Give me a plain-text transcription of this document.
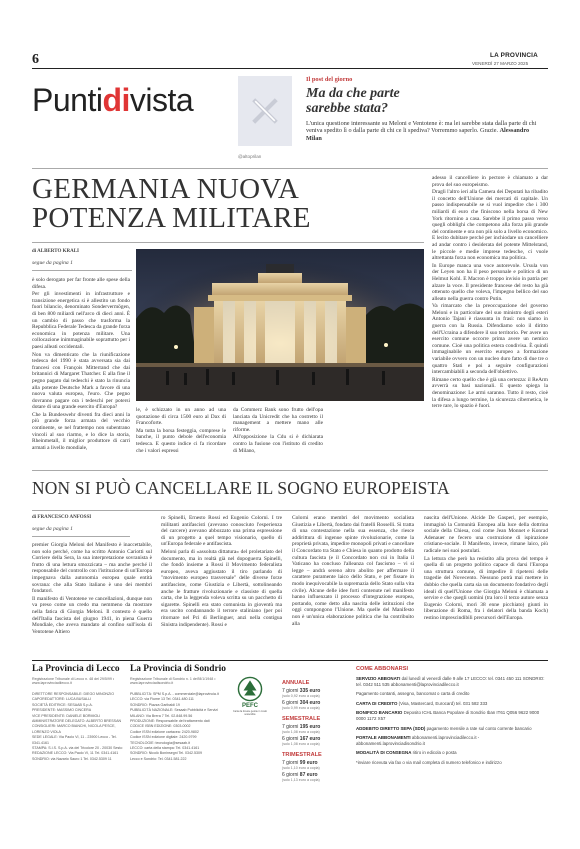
6	LA PROVINCIA
VENERDÌ 27 MARZO 2025
Puntidivista
Il post del giorno
Ma da che parte sarebbe stata?
L'unica questione interessante su Meloni e Ventotene è: ma lei sarebbe stata dalla parte di chi veniva spedito lì o dalla parte di chi ce li spediva? Vorremmo saperlo. Grazie. Alessandro Milan
@altoprilan
GERMANIA NUOVA
POTENZA MILITARE
di ALBERTO KRALI
segue da pagina 1

è solo derogato per far fronte alle spese della difesa.

Per gli investimenti in infrastrutture e transizione energetica si è allestito un fondo fuori bilancio, denominato Sondervermögen, di ben 800 miliardi nell'arco di dieci anni. È un cambio di passo che trasforma la Repubblica Federale Tedesca da grande forza economica in potenza militare. Una collocazione inimmaginabile soprattutto per i paesi alleati occidentali.

Non va dimenticato che la riunificazione tedesca del 1990 è stata avversata sia dai francesi con François Mitterrand che dai britannici di Margaret Thatcher. E alla fine il pegno pagato dai tedeschi è stato la rinuncia alla potente Deutsche Mark a favore di una nuova valuta europea, l'euro. Che pegno dovranno pagare ora i tedeschi per potersi dotare di una grande esercito d'Europa?

Che la Bundeswehr diventi fra dieci anni la più grande forza armata del vecchio continente, se nel frattempo non subentrano vincoli al suo riarmo, e lo dice la storia, Rheinmetall, il miglior produttore di carri armati a livello mondiale,

le, è schizzato in un anno ad una quotazione di circa 1500 euro al Dax di Francoforte.

Ma tutta la borsa festeggia, comprese le banche, il punto debole dell'economia tedesca. E questo indice ci fa ricordare che i valori espressi

da Commerz Bank sono frutto dell'opa lanciata da Unicredit che ha costretto il management a mettere mano alle riforme.

All'opposizione la Cdu si è dichiarata contro la fusione con l'istituto di credito di Milano,

adesso il cancelliere in pectore è chiamato a dar prova del suo europeismo.

Dragli l'altro ieri alla Camera dei Deputati ha ribadito il concetto dell'Unione dei mercati di capitale. Un passo indispensabile se si vuol impedire che i 300 miliardi di euro che finiscono nella borsa di New York ritornino a casa. Sarebbe il primo passo verso quegli obblighi che competono alla forza più grande del continente e ora non più solo a livello economico. E lecito dubitare perché per inchiodare un cancelliere ad andar contro i desiderata del potente Mittelstand, le piccole e medie imprese tedesche, ci vuole altrettanta forza non economica ma politica.

In Europe manca una voce autorevole. Ursula von der Leyen non ha il peso personale e politico di un Helmut Kohl. E Macron è troppo invisio in patria per alzare la voce. Il presidente francese del resto ha già ottenuto quello che voleva, l'impegno bellico del suo alleato nella guerra contro Putin.

Va rimarcato che la preoccupazione del governo Meloni e in particolare del suo ministro degli esteri Antonio Tajani è riassunta in frasi: non siamo in guerra con la Russia. Difendiamo solo il diritto dell'Ucraina a difendere il suo territorio. Per avere un esercito comune occorre prima avere un nemico comune. Cioè una politica estera condivisa. È quindi immaginabile un esercito europeo a formazione variabile ovvero con un nucleo duro fatto di due tre o quattro Stati e poi a seguire configurazioni intercambiabili a seconda dell'obiettivo.

Rimane certo quello che è già una certezza: il ReArm avverrà su basi nazionali. E questo spiega la denominazione: Le armi saranno. Tutto il resto, cioè la difesa a lungo termine, la sicurezza cibernetica, le terre rare, lo spazio è fuori.

NON SI PUÒ CANCELLARE IL SOGNO EUROPEISTA
di FRANCESCO ANFOSSI
segue da pagina 1

premier Giorgia Meloni del Manifesto è inaccettabile, non solo perché, come ha scritto Antonio Cariotti sul Corriere della Sera, la sua interpretazione sovranista è frutto di una lettura smozzicata – ma anche perché il responsabile del controllo con l'istituzione di un'Europa impegnava dalla autonomia europea quale entità sovrana: che alla Stato italiano è uno dei membri fondatori.

Il manifesto di Ventotene ve cancellazioni, dunque non va preso come un credo ma nemmeno da mostrare nella fatica di Giorgia Meloni. Il contesto è quello dell'Italia fascista del giugno 1941, in piena Guerra Mondiale, che aveva mandato al confino sull'isola di Ventotene Altiero

ro Spinelli, Ernesto Rossi ed Eugenio Colorni. I tre militanti antifascisti (avevano conosciuto l'esperienza del carcere) avevano abbozzato una prima espressione di un progetto a quel tempo visionario, quello di un'Europa federale e antifascista.

Meloni parla di «assoluta dittatura» del proletariato del documento, ma in realtà già nel dopoguerra Spinelli, che fondò insieme a Rossi il Movimento federalista europeo, aveva aggiustato il tiro parlando di "movimento europeo trasversale" delle diverse forze antifasciste, come Giustizia e Libertà, sottolineando anche le fratture rivoluzionarie e classiste di quella carta, che la leggenda voleva scritta su un pacchetto di sigarette. Spinelli era stato comunista in gioventù ma era uscito condannando il terrore staliniano (per poi ritornare nel Pci di Berlinguer, anzi nella contigua Sinistra indipendente). Rossi e

Colorni erano membri del movimento socialista Giustizia e Libertà, fondato dai fratelli Rosselli. Si tratta di una contestazione nella sua essenza, che riesce addirittura di ingenue spinte rivoluzionarie, come la proprietà privata, impedire monopoli privati e cancellare il Concordato tra Stato e Chiesa in quanto prodotto della cultura fascista (e il Concordato non cui in Italia il Vaticano ha concluso l'alleanza col fascismo – vi si legge – andrà sereno altro abolito per affermare il carattere puramente laico dello Stato, e per fissare in modo inequivocabile la supremazia dello Stato sulla vita civile). Alcune delle idee forti contenute nel manifesto hanno influenzato il processo d'integrazione europea, portando, come detto alla nascita delle istituzioni che oggi compongono l'Unione. Ma quelle del Manifesto non è un'unica elaborazione politica che ha contribuito alla

nascita dell'Unione. Alcide De Gasperi, per esempio, immaginò la Comunità Europea alla luce della dottrina sociale della Chiesa, così come Jean Monnet e Konrad Adenauer ne fecero una costruzione di ispirazione cristiano-sociale. Il Manifesto, invece, rimane laico, più radicale nei suoi postulati.

La lettura che però ha resistito alla prova del tempo è quella di un progetto politico capace di darsi l'Europa una struttura comune, di impedire il ripetersi delle tragedie del Novecento. Nessuno potrà mai mettere in dubbio che quella carta sia un documento fondativo degli ideali di quell'Unione che Giorgia Meloni è chiamata a servire e che quegli uomini (tra loro il terzo autore senza Eugenio Colorni, morì 38 enne picchiato) giunti in liberazione di Roma, fra i delatori della banda Koch) restino imprescindibili precursori dell'Europa.

La Provincia di Lecco La Provincia di Sondrio
Registrazione Tribunale di Lecco n. 48 del 29/5/99 • www.laprovinciadilecco.it
Registrazione Tribunale di Sondrio n. 1 dell'8/1/1948 • www.laprovinciadisondrio.it
DIRETTORE RESPONSABILE: DIEGO MINONZIO
CAPOREDATTORE: LUCA BUSALLI
SOCIETÀ EDITRICE: SESAAB S.p.A.
PRESIDENTE: MASSIMO CINCERA
VICE PRESIDENTE: DANIELE BORMIOLI
AMMINISTRATORE DELEGATO: ALBERTO BRESSAN
CONSIGLIERI: MARCO BIANCHI, NICOLA PESCE, LORENZO VIOLA
SEDE LEGALE: Via Paolo VI, 11 - 23900 Lecco - Tel. 0341.4161
STAMPA: S.I.S. S.p.A. via del Tricolore 20 - 20030 Sesto
REDAZIONE LECCO: Via Paolo VI, 11 Tel. 0341.4161
SONDRIO: via Nazario Sauro 1 Tel. 0342.5309 11
PUBBLICITÀ: SPM S.p.A. - commerciale@laprovincia.it
LECCO: via Fiume 13 Tel. 0341.480.111
SONDRIO: Piazza Garibaldi 19
PUBBLICITÀ NAZIONALE: Sesaab Pubblicità e Servizi
MILANO: Via Brera 7 Tel. 02.848.99.56
PRODUZIONE: Responsabile del trattamento dati
CODICE ISBN EDIZIONE: 0303-0002
Codice ISSN edizione cartacea: 2420-9802
Codice ISSN edizione digitale: 2420-9799
TECNOLOGIE: tecnologia@sesaab.it
LECCO: carta della stampa: Tel. 0341.4161
SONDRIO: Nicolò Boninsegni Tel. 0342.5309
Lecco e Sondrio: Tel. 0341.581.222
PEFC
Carta da foreste gestite in modo sostenibile
ANNUALE
7 giorni 335 euro
(solo 0,92 euro a copia)
6 giorni 304 euro
(solo 0,99 euro a copia)
SEMESTRALE
7 giorni 195 euro
(solo 1,08 euro a copia)
6 giorni 167 euro
(solo 1,08 euro a copia)
TRIMESTRALE
7 giorni 99 euro
(solo 1,10 euro a copia)
6 giorni 87 euro
(solo 1,13 euro a copia)
COME ABBONARSI
SERVIZIO ABBONATI dal lunedì al venerdì dalle 9 alle 17 LECCO: tel. 0341 450 111 SONDRIO: tel. 0342 511 535 abbonamenti@laprovinciadilecco.it
Pagamento contanti, assegno, bancomat o carta di credito
CARTA DI CREDITO (Visa, Mastercard, Eurocard) tel. 031 582 333
BONIFICO BANCARIO Deposito ICHL Banca Popolare di Sondrio Iban IT61 Q056 9622 9000 0000 1172 X57
ADDEBITO DIRETTO SEPA (SDD) pagamento mensile a rate sul conto corrente bancario
PORTALE ABBONAMENTI abbonamenti.laprovinciadilecco.it - abbonamenti.laprovinciadisondrio.it
MODALITÀ DI CONSEGNA ritiro in edicola o posta
*inviare ricevuta via fax o via mail completa di numero telefonico e indirizzo
